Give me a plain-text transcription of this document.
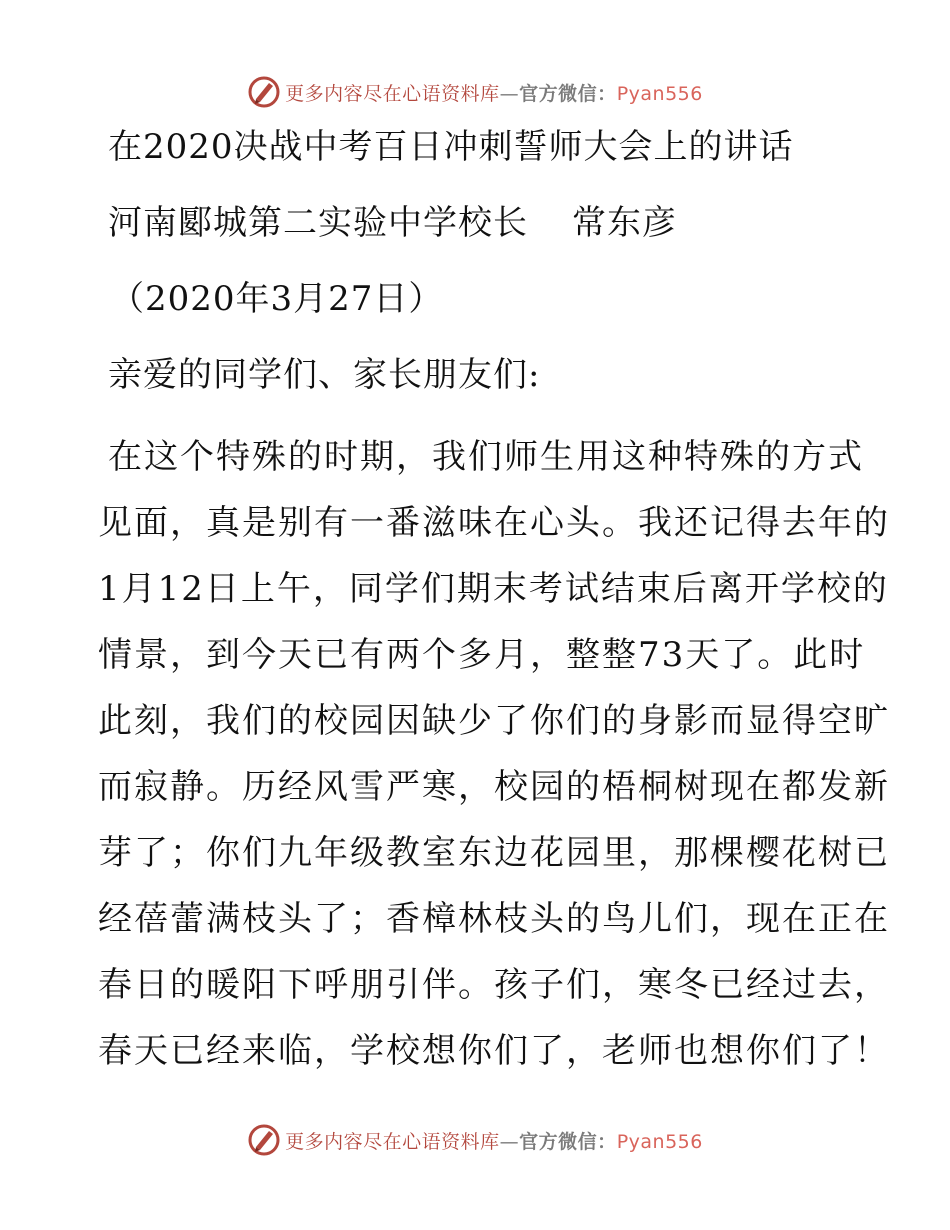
更多内容尽在心语资料库—官方微信：Pyan556
在2020决战中考百日冲刺誓师大会上的讲话
河南郾城第二实验中学校长 常东彦
（2020年3月27日）
亲爱的同学们、家长朋友们:
在这个特殊的时期，我们师生用这种特殊的方式
见面，真是别有一番滋味在心头。我还记得去年的
1月12日上午，同学们期末考试结束后离开学校的
情景，到今天已有两个多月，整整73天了。此时
此刻，我们的校园因缺少了你们的身影而显得空旷
而寂静。历经风雪严寒，校园的梧桐树现在都发新
芽了；你们九年级教室东边花园里，那棵樱花树已
经蓓蕾满枝头了；香樟林枝头的鸟儿们，现在正在
春日的暖阳下呼朋引伴。孩子们，寒冬已经过去，
春天已经来临，学校想你们了，老师也想你们了！
更多内容尽在心语资料库—官方微信：Pyan556
